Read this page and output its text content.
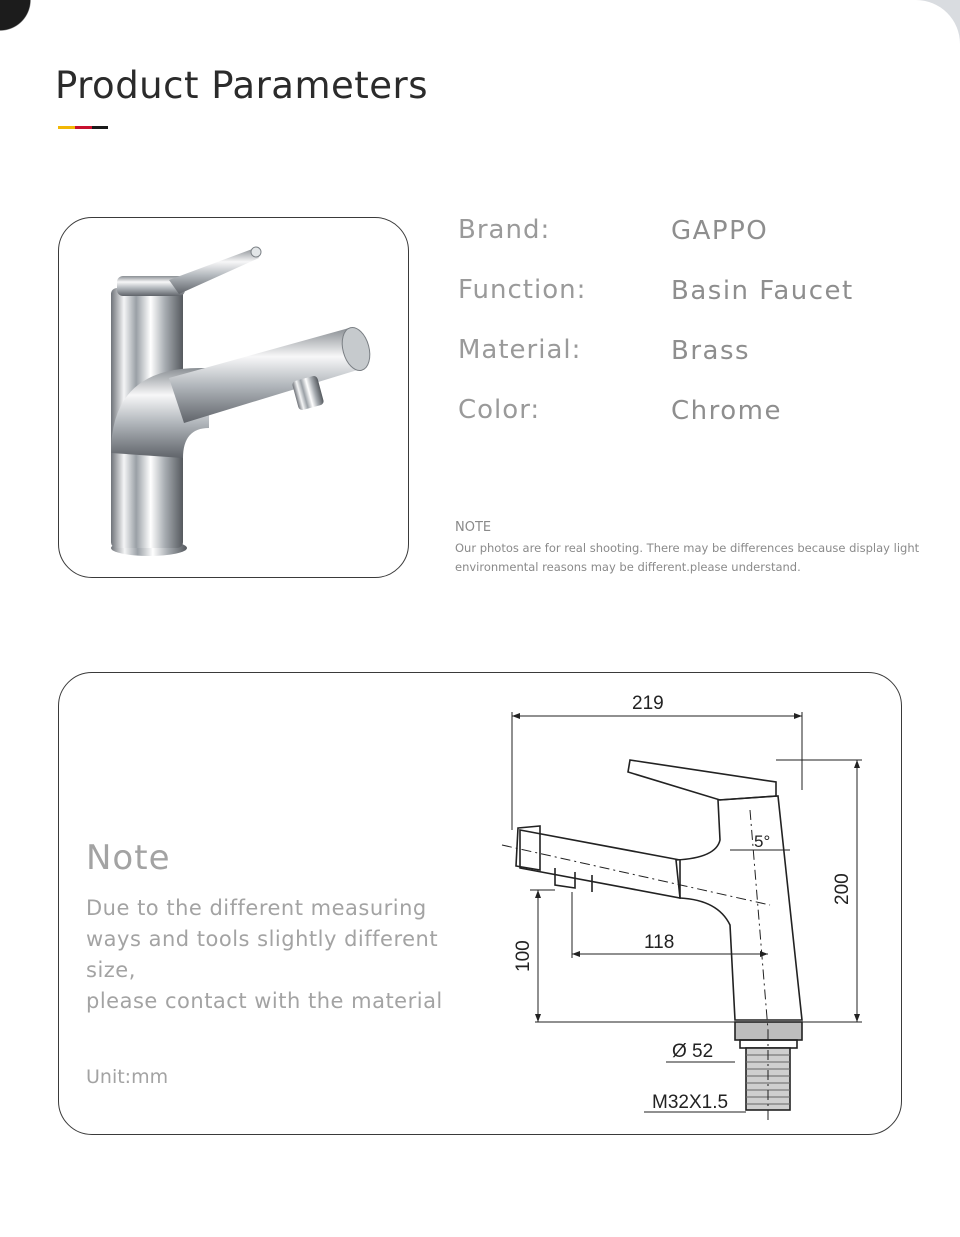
Product Parameters
Brand:	GAPPO
Function:	Basin Faucet
Material:	Brass
Color:	Chrome
NOTE
Our photos are for real shooting. There may be differences because display light environmental reasons may be different.please understand.
Note
Due to the different measuring ways and tools slightly different size,
please contact with the material
Unit:mm
219
200
100	118
5°
Ø 52
M32X1.5
